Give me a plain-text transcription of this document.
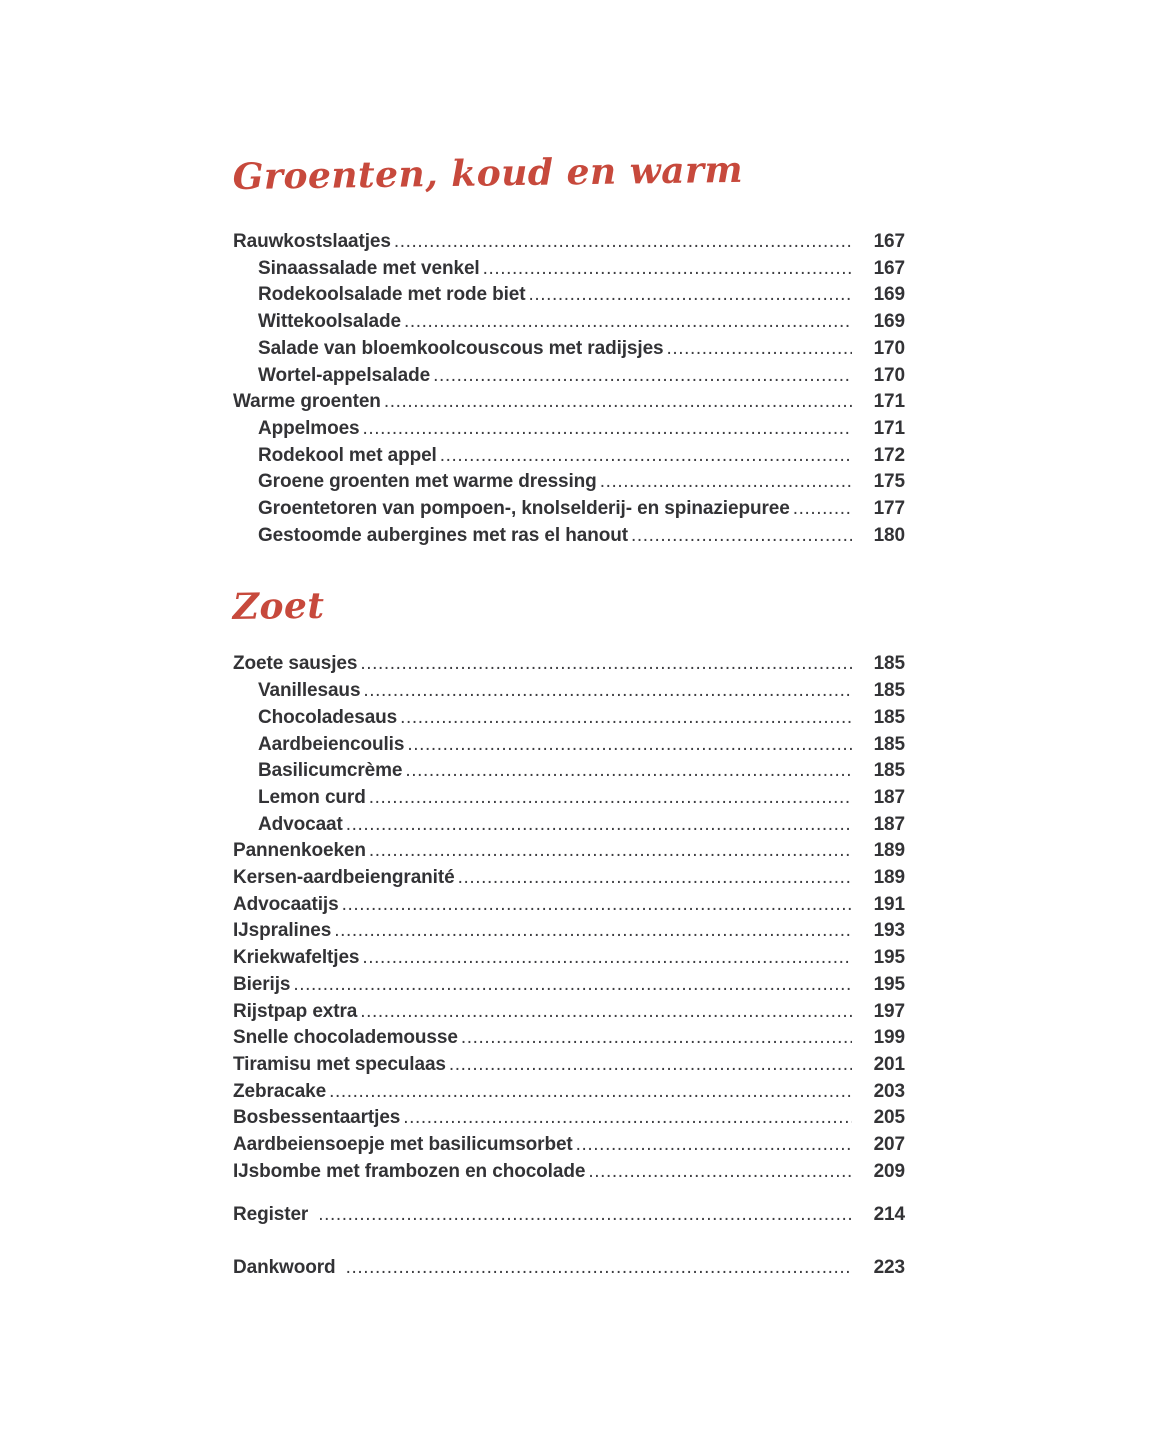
Groenten, koud en warm
Rauwkostslaatjes .....	167
Sinaassalade met venkel .....	167
Rodekoolsalade met rode biet .....	169
Wittekoolsalade .....	169
Salade van bloemkoolcouscous met radijsjes .....	170
Wortel-appelsalade .....	170
Warme groenten .....	171
Appelmoes .....	171
Rodekool met appel .....	172
Groene groenten met warme dressing .....	175
Groentetoren van pompoen-, knolselderij- en spinaziepuree .....	177
Gestoomde aubergines met ras el hanout .....	180
Zoet
Zoete sausjes .....	185
Vanillesaus .....	185
Chocoladesaus .....	185
Aardbeiencoulis .....	185
Basilicumcrème .....	185
Lemon curd .....	187
Advocaat .....	187
Pannenkoeken .....	189
Kersen-aardbeiengranité .....	189
Advocaatijs .....	191
IJspralines .....	193
Kriekwafeltjes .....	195
Bierijs .....	195
Rijstpap extra .....	197
Snelle chocolademousse .....	199
Tiramisu met speculaas .....	201
Zebracake .....	203
Bosbessentaartjes .....	205
Aardbeiensoepje met basilicumsorbet .....	207
IJsbombe met frambozen en chocolade .....	209
Register .....	214
Dankwoord .....	223
